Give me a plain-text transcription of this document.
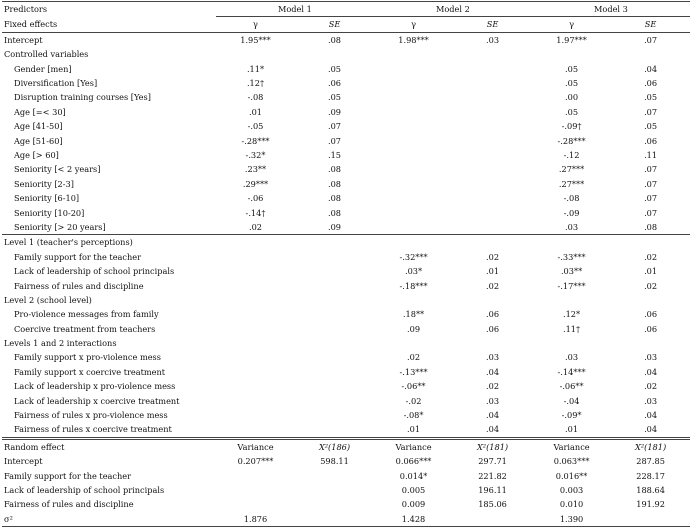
Predictors	Model 1		Model 2		Model 3	
Fixed effects	γ	SE	γ	SE	γ	SE
Intercept	1.95***	.08	1.98***	.03	1.97***	.07
Controlled variables						
Gender [men]	.11*	.05			.05	.04
Diversification [Yes]	.12†	.06			.05	.06
Disruption training courses [Yes]	-.08	.05			.00	.05
Age [=< 30]	.01	.09			.05	.07
Age [41-50]	-.05	.07			-.09†	.05
Age [51-60]	-.28***	.07			-.28***	.06
Age [> 60]	-.32*	.15			-.12	.11
Seniority [< 2 years]	.23**	.08			.27***	.07
Seniority [2-3]	.29***	.08			.27***	.07
Seniority [6-10]	-.06	.08			-.08	.07
Seniority [10-20]	-.14†	.08			-.09	.07
Seniority [> 20 years]	.02	.09			.03	.08
Level 1 (teacher's perceptions)						
Family support for the teacher			-.32***	.02	-.33***	.02
Lack of leadership of school principals			.03*	.01	.03**	.01
Fairness of rules and discipline			-.18***	.02	-.17***	.02
Level 2 (school level)						
Pro-violence messages from family			.18**	.06	.12*	.06
Coercive treatment from teachers			.09	.06	.11†	.06
Levels 1 and 2 interactions						
Family support x pro-violence mess			.02	.03	.03	.03
Family support x coercive treatment			-.13***	.04	-.14***	.04
Lack of leadership x pro-violence mess			-.06**	.02	-.06**	.02
Lack of leadership x coercive treatment			-.02	.03	-.04	.03
Fairness of rules x pro-violence mess			-.08*	.04	-.09*	.04
Fairness of rules x coercive treatment			.01	.04	.01	.04
Random effect	Variance	X²(186)	Variance	X²(181)	Variance	X²(181)
Intercept	0.207***	598.11	0.066***	297.71	0.063***	287.85
Family support for the teacher			0.014*	221.82	0.016**	228.17
Lack of leadership of school principals			0.005	196.11	0.003	188.64
Fairness of rules and discipline			0.009	185.06	0.010	191.92
σ²	1.876		1.428		1.390	
